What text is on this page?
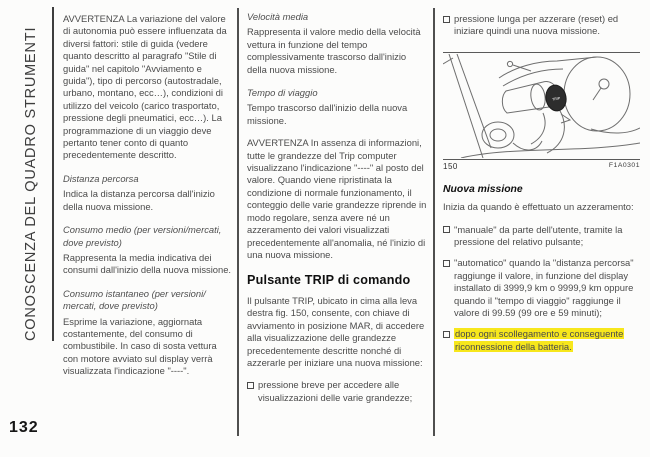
CONOSCENZA DEL QUADRO STRUMENTI
132

AVVERTENZA La variazione del valore di autonomia può essere influenzata da diversi fattori: stile di guida (vedere quanto descritto al paragrafo "Stile di guida" nel capitolo "Avviamento e guida"), tipo di percorso (autostradale, urbano, montano, ecc…), condizioni di utilizzo del veicolo (carico trasportato, pressione degli pneumatici, ecc…). La programmazione di un viaggio deve pertanto tener conto di quanto precedentemente descritto.

Distanza percorsa

Indica la distanza percorsa dall'inizio della nuova missione.

Consumo medio (per versioni/mercati, dove previsto)

Rappresenta la media indicativa dei consumi dall'inizio della nuova missione.

Consumo istantaneo (per versioni/ mercati, dove previsto)

Esprime la variazione, aggiornata costantemente, del consumo di combustibile. In caso di sosta vettura con motore avviato sul display verrà visualizzata l'indicazione "----".

Velocità media

Rappresenta il valore medio della velocità vettura in funzione del tempo complessivamente trascorso dall'inizio della nuova missione.

Tempo di viaggio

Tempo trascorso dall'inizio della nuova missione.

AVVERTENZA In assenza di informazioni, tutte le grandezze del Trip computer visualizzano l'indicazione "----" al posto del valore. Quando viene ripristinata la condizione di normale funzionamento, il conteggio delle varie grandezze riprende in modo regolare, senza avere né un azzeramento dei valori visualizzati precedentemente all'anomalia, né l'inizio di una nuova missione.

Pulsante TRIP di comando

Il pulsante TRIP, ubicato in cima alla leva destra fig. 150, consente, con chiave di avviamento in posizione MAR, di accedere alla visualizzazione delle grandezze precedentemente descritte nonché di azzerarle per iniziare una nuova missione:

pressione breve per accedere alle visualizzazioni delle varie grandezze;
pressione lunga per azzerare (reset) ed iniziare quindi una nuova missione.
TRIP
150	F1A0301
Nuova missione

Inizia da quando è effettuato un azzeramento:

"manuale" da parte dell'utente, tramite la pressione del relativo pulsante;
"automatico" quando la "distanza percorsa" raggiunge il valore, in funzione del display installato di 3999,9 km o 9999,9 km oppure quando il "tempo di viaggio" raggiunge il valore di 99.59 (99 ore e 59 minuti);
dopo ogni scollegamento e conseguente riconnessione della batteria.
